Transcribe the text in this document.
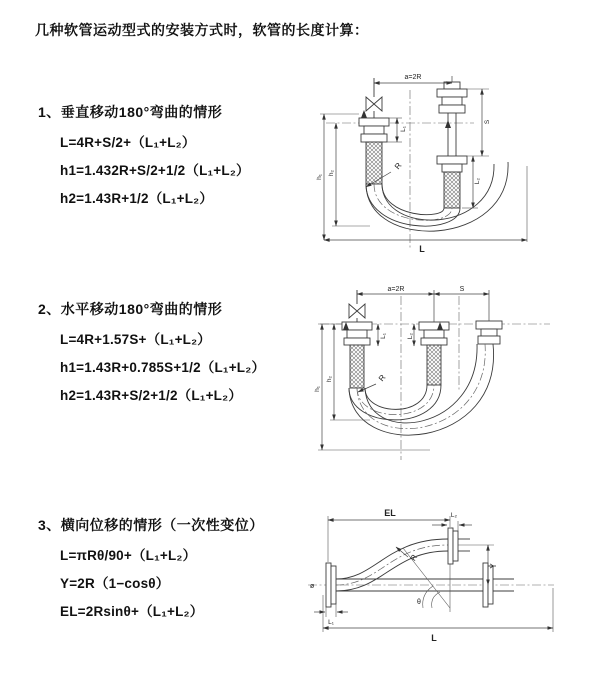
几种软管运动型式的安装方式时，软管的长度计算：
1、垂直移动180°弯曲的情形
L=4R+S/2+（L₁+L₂）
h1=1.432R+S/2+1/2（L₁+L₂）
h2=1.43R+1/2（L₁+L₂）
2、水平移动180°弯曲的情形
L=4R+1.57S+（L₁+L₂）
h1=1.43R+0.785S+1/2（L₁+L₂）
h2=1.43R+S/2+1/2（L₁+L₂）
3、横向位移的情形（一次性变位）
L=πRθ/90+（L₁+L₂）
Y=2R（1−cosθ）
EL=2Rsinθ+（L₁+L₂）
a=2R
S
L₂
L₁
h₁
h₂
L
R
a=2R	S
h₁
h₂
L₁	L₂
R
ø
θ
EL	L₂
Y
L₁
L
R
